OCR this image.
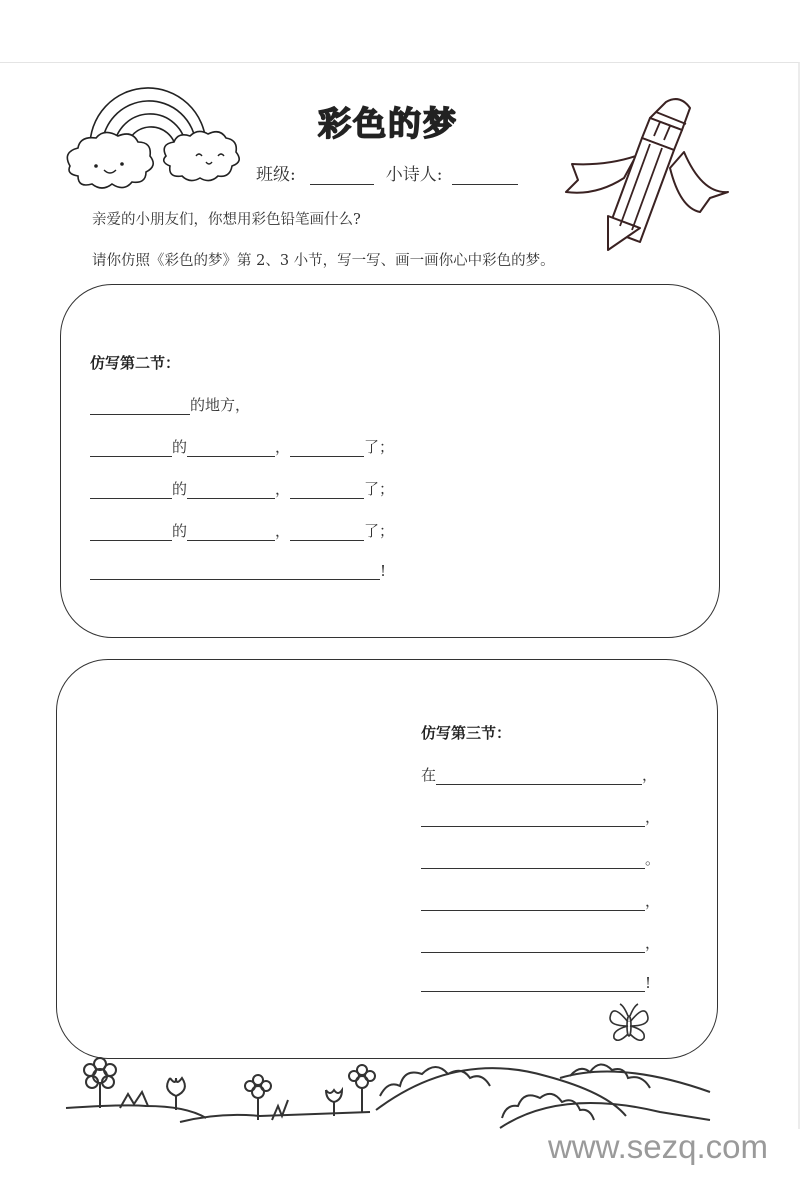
彩色的梦
班级:	小诗人:
亲爱的小朋友们，你想用彩色铅笔画什么?
请你仿照《彩色的梦》第 2、3 小节，写一写、画一画你心中彩色的梦。
仿写第二节：
的地方，
的	，	了；
的	，	了；
的	，	了；
!
仿写第三节：
在	，
，
。
，
，
!
www.sezq.com
